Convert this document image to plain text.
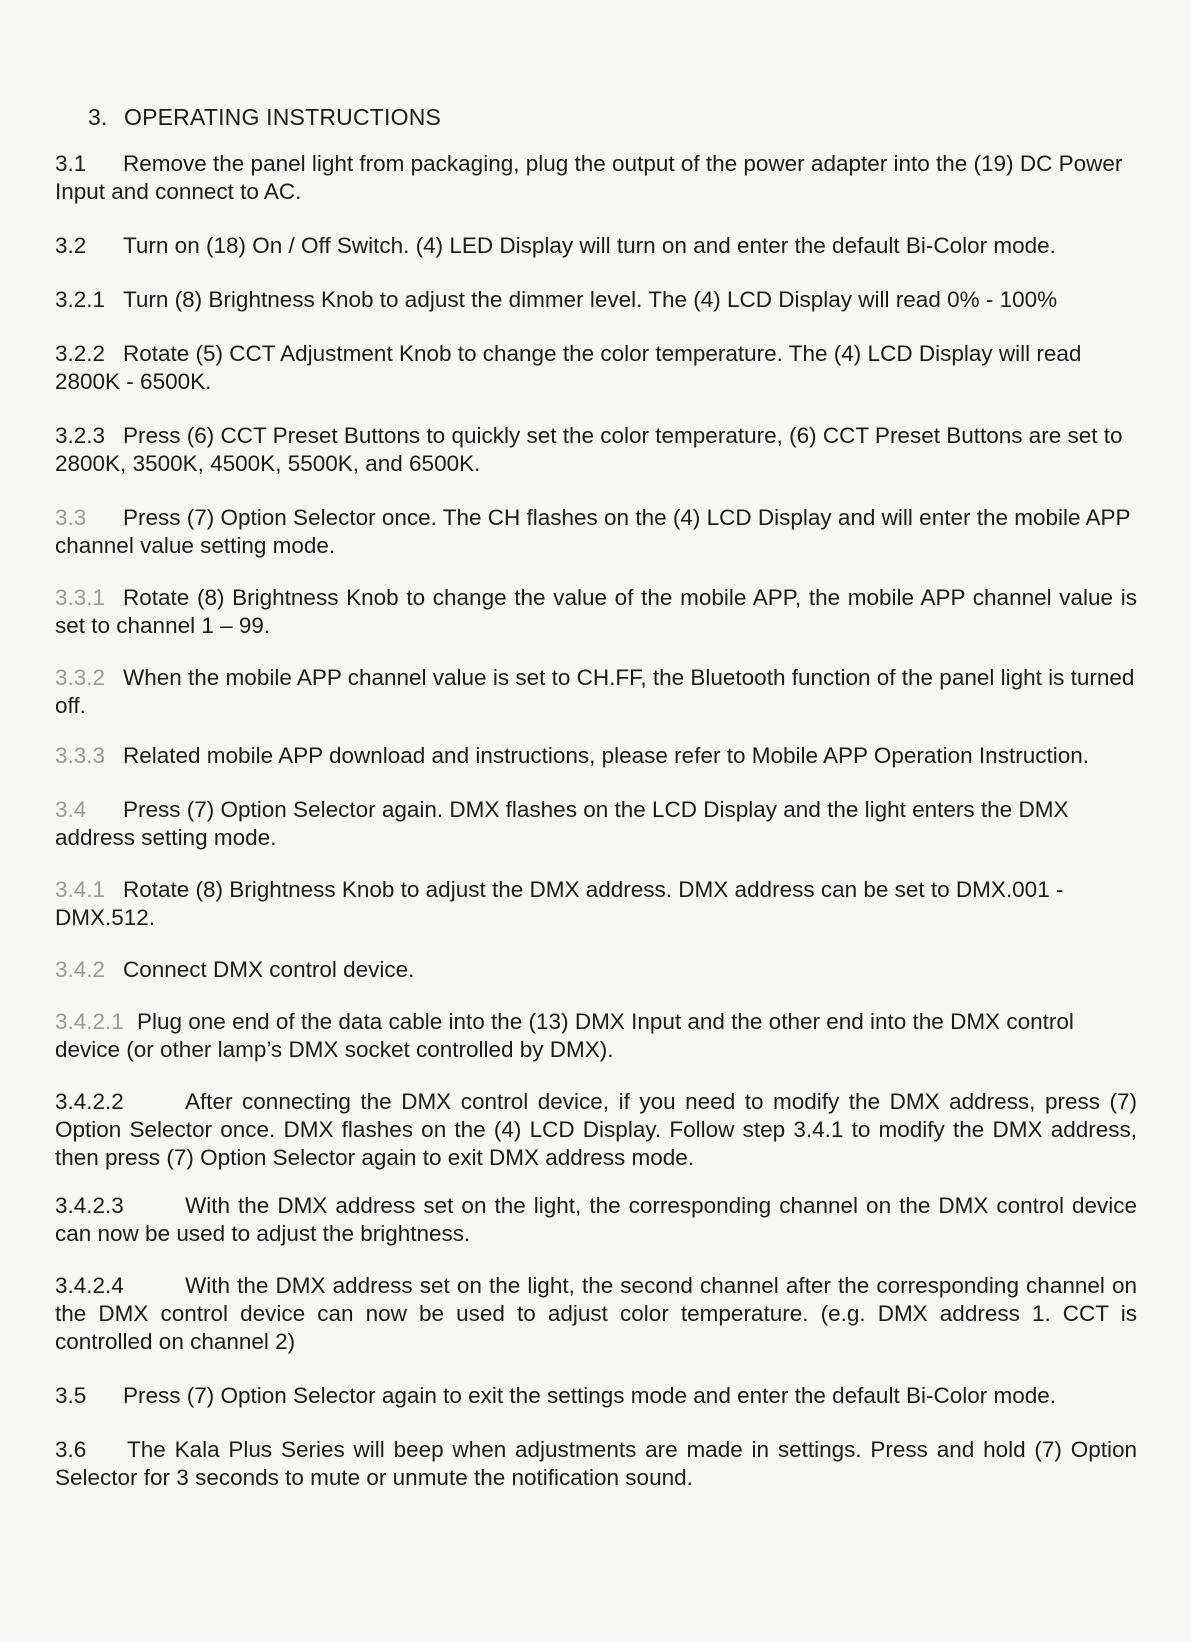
3. OPERATING INSTRUCTIONS
3.1 Remove the panel light from packaging, plug the output of the power adapter into the (19) DC Power Input and connect to AC.
3.2 Turn on (18) On / Off Switch. (4) LED Display will turn on and enter the default Bi-Color mode.
3.2.1 Turn (8) Brightness Knob to adjust the dimmer level. The (4) LCD Display will read 0% - 100%
3.2.2 Rotate (5) CCT Adjustment Knob to change the color temperature. The (4) LCD Display will read 2800K - 6500K.
3.2.3 Press (6) CCT Preset Buttons to quickly set the color temperature, (6) CCT Preset Buttons are set to 2800K, 3500K, 4500K, 5500K, and 6500K.
3.3 Press (7) Option Selector once. The CH flashes on the (4) LCD Display and will enter the mobile APP channel value setting mode.
3.3.1 Rotate (8) Brightness Knob to change the value of the mobile APP, the mobile APP channel value is set to channel 1 – 99.
3.3.2 When the mobile APP channel value is set to CH.FF, the Bluetooth function of the panel light is turned off.
3.3.3 Related mobile APP download and instructions, please refer to Mobile APP Operation Instruction.
3.4 Press (7) Option Selector again. DMX flashes on the LCD Display and the light enters the DMX address setting mode.
3.4.1 Rotate (8) Brightness Knob to adjust the DMX address. DMX address can be set to DMX.001 - DMX.512.
3.4.2 Connect DMX control device.
3.4.2.1 Plug one end of the data cable into the (13) DMX Input and the other end into the DMX control device (or other lamp’s DMX socket controlled by DMX).
3.4.2.2	After connecting the DMX control device, if you need to modify the DMX address, press (7) Option Selector once. DMX flashes on the (4) LCD Display. Follow step 3.4.1 to modify the DMX address, then press (7) Option Selector again to exit DMX address mode.
3.4.2.3	With the DMX address set on the light, the corresponding channel on the DMX control device can now be used to adjust the brightness.
3.4.2.4	With the DMX address set on the light, the second channel after the corresponding channel on the DMX control device can now be used to adjust color temperature. (e.g. DMX address 1. CCT is controlled on channel 2)
3.5 Press (7) Option Selector again to exit the settings mode and enter the default Bi-Color mode.
3.6 The Kala Plus Series will beep when adjustments are made in settings. Press and hold (7) Option Selector for 3 seconds to mute or unmute the notification sound.
